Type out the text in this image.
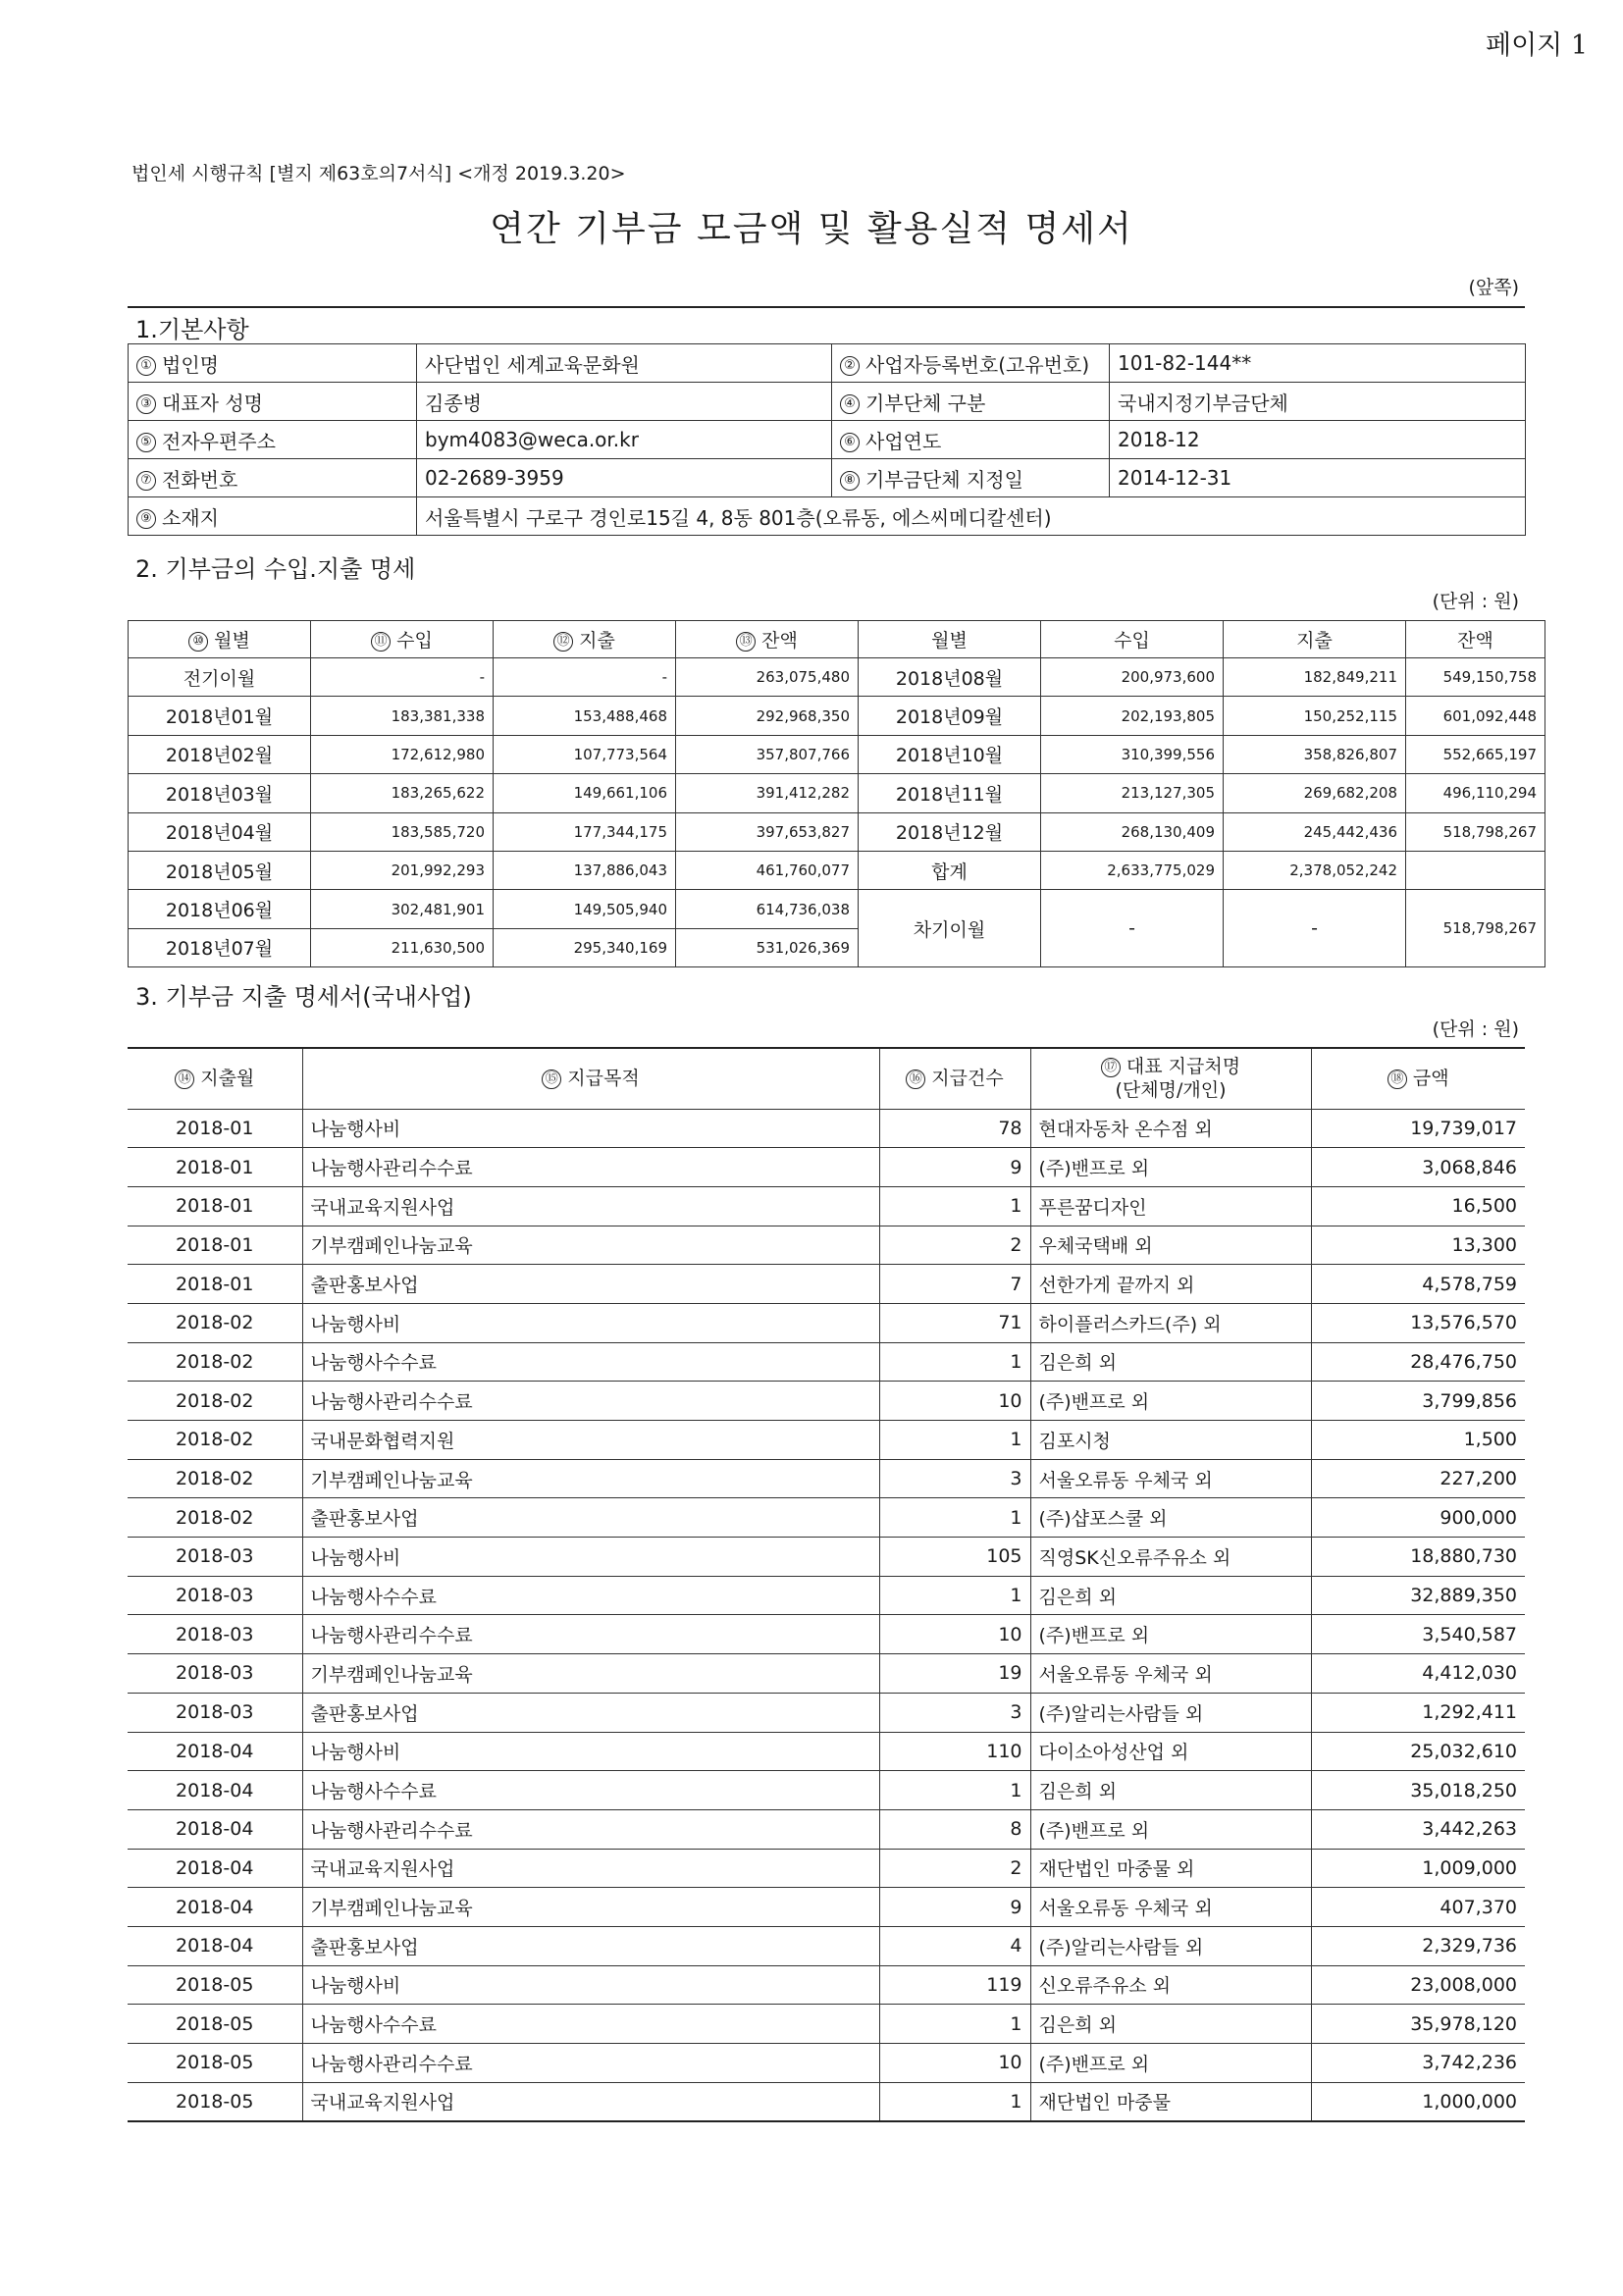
페이지 1
법인세 시행규칙 [별지 제63호의7서식] <개정 2019.3.20>
연간 기부금 모금액 및 활용실적 명세서
(앞쪽)
1.기본사항
① 법인명	사단법인 세계교육문화원	② 사업자등록번호(고유번호)	101-82-144**
③ 대표자 성명	김종병	④ 기부단체 구분	국내지정기부금단체
⑤ 전자우편주소	bym4083@weca.or.kr	⑥ 사업연도	2018-12
⑦ 전화번호	02-2689-3959	⑧ 기부금단체 지정일	2014-12-31
⑨ 소재지	서울특별시 구로구 경인로15길 4, 8동 801층(오류동, 에스씨메디칼센터)		
2. 기부금의 수입.지출 명세
(단위 : 원)
⑩ 월별	⑪ 수입	⑫ 지출	⑬ 잔액	월별	수입	지출	잔액
전기이월	-	-	263,075,480	2018년08월	200,973,600	182,849,211	549,150,758
2018년01월	183,381,338	153,488,468	292,968,350	2018년09월	202,193,805	150,252,115	601,092,448
2018년02월	172,612,980	107,773,564	357,807,766	2018년10월	310,399,556	358,826,807	552,665,197
2018년03월	183,265,622	149,661,106	391,412,282	2018년11월	213,127,305	269,682,208	496,110,294
2018년04월	183,585,720	177,344,175	397,653,827	2018년12월	268,130,409	245,442,436	518,798,267
2018년05월	201,992,293	137,886,043	461,760,077	합계	2,633,775,029	2,378,052,242	
2018년06월	302,481,901	149,505,940	614,736,038	차기이월	-	-	518,798,267
2018년07월	211,630,500	295,340,169	531,026,369				
3. 기부금 지출 명세서(국내사업)
(단위 : 원)
⑭ 지출월	⑮ 지급목적	⑯ 지급건수	⑰ 대표 지급처명
(단체명/개인)	⑱ 금액
2018-01	나눔행사비	78	현대자동차 온수점 외	19,739,017
2018-01	나눔행사관리수수료	9	(주)밴프로 외	3,068,846
2018-01	국내교육지원사업	1	푸른꿈디자인	16,500
2018-01	기부캠페인나눔교육	2	우체국택배 외	13,300
2018-01	출판홍보사업	7	선한가게 끝까지 외	4,578,759
2018-02	나눔행사비	71	하이플러스카드(주) 외	13,576,570
2018-02	나눔행사수수료	1	김은희 외	28,476,750
2018-02	나눔행사관리수수료	10	(주)밴프로 외	3,799,856
2018-02	국내문화협력지원	1	김포시청	1,500
2018-02	기부캠페인나눔교육	3	서울오류동 우체국 외	227,200
2018-02	출판홍보사업	1	(주)샵포스쿨 외	900,000
2018-03	나눔행사비	105	직영SK신오류주유소 외	18,880,730
2018-03	나눔행사수수료	1	김은희 외	32,889,350
2018-03	나눔행사관리수수료	10	(주)밴프로 외	3,540,587
2018-03	기부캠페인나눔교육	19	서울오류동 우체국 외	4,412,030
2018-03	출판홍보사업	3	(주)알리는사람들 외	1,292,411
2018-04	나눔행사비	110	다이소아성산업 외	25,032,610
2018-04	나눔행사수수료	1	김은희 외	35,018,250
2018-04	나눔행사관리수수료	8	(주)밴프로 외	3,442,263
2018-04	국내교육지원사업	2	재단법인 마중물 외	1,009,000
2018-04	기부캠페인나눔교육	9	서울오류동 우체국 외	407,370
2018-04	출판홍보사업	4	(주)알리는사람들 외	2,329,736
2018-05	나눔행사비	119	신오류주유소 외	23,008,000
2018-05	나눔행사수수료	1	김은희 외	35,978,120
2018-05	나눔행사관리수수료	10	(주)밴프로 외	3,742,236
2018-05	국내교육지원사업	1	재단법인 마중물	1,000,000
